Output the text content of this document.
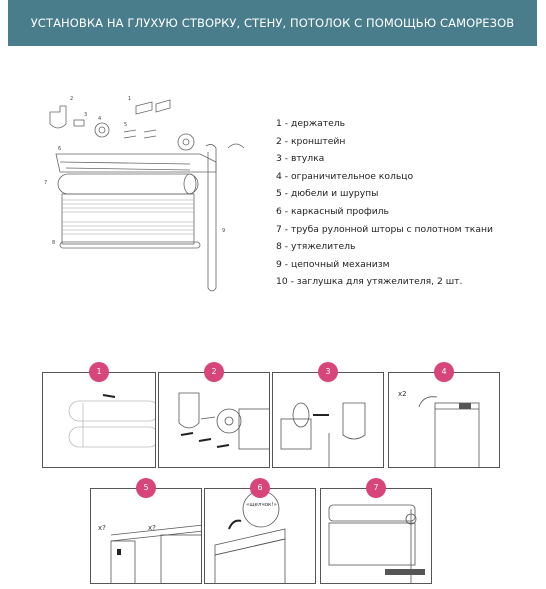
УСТАНОВКА НА ГЛУХУЮ СТВОРКУ, СТЕНУ, ПОТОЛОК С ПОМОЩЬЮ САМОРЕЗОВ
2
3
4
1
5
6
7
8
9
1 - держатель
2 - кронштейн
3 - втулка
4 - ограничительное кольцо
5 - дюбели и шурупы
6 - каркасный профиль
7 - труба рулонной шторы с полотном ткани
8 - утяжелитель
9 - цепочный механизм
10 - заглушка для утяжелителя, 2 шт.
1	2	3
x2
4
x?	x?
5
«щелчок!»
6	7
